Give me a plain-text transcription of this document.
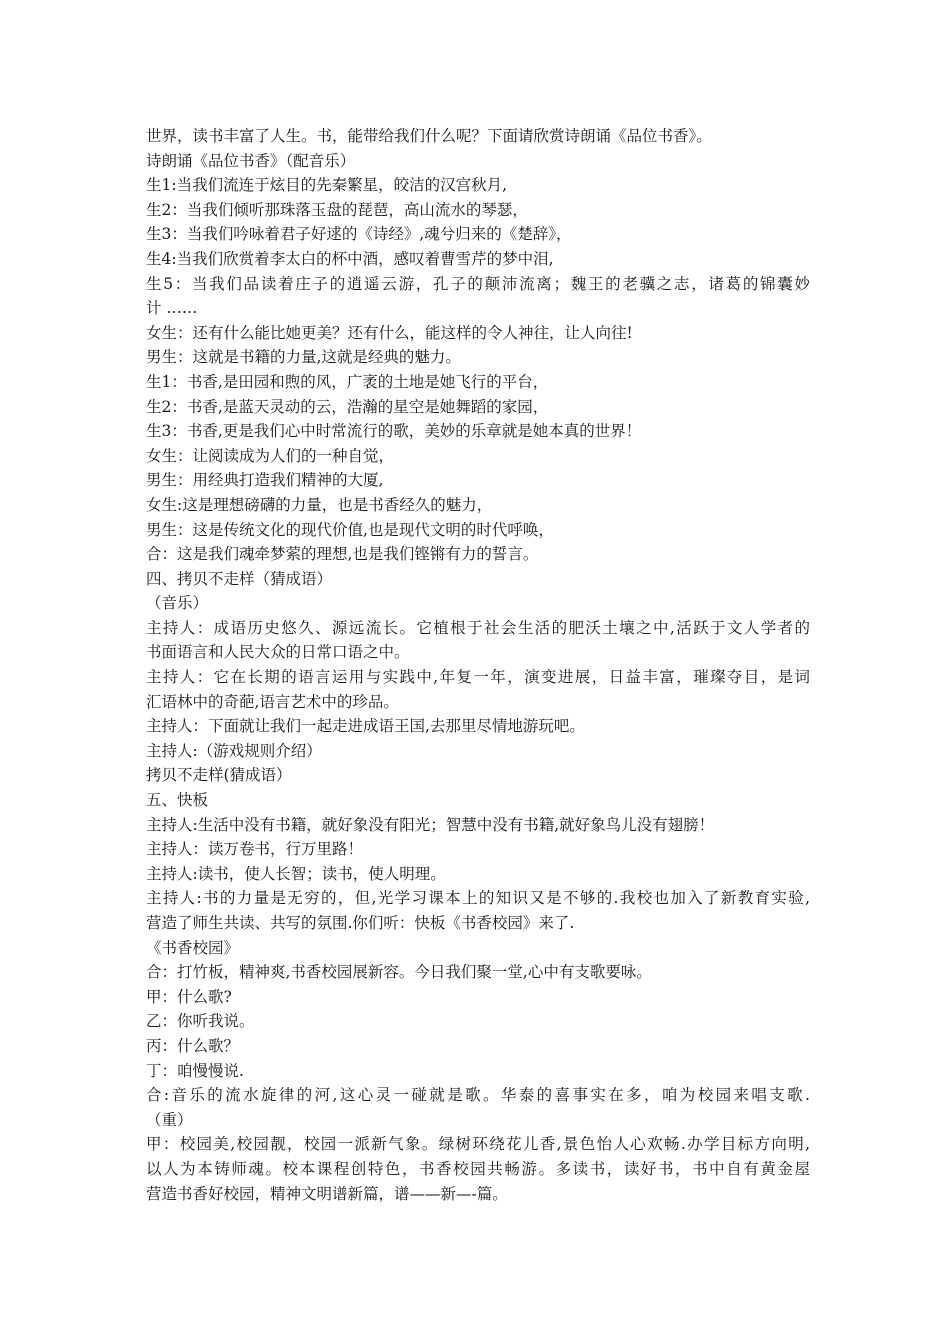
世界，读书丰富了人生。书，能带给我们什么呢？下面请欣赏诗朗诵《品位书香》。
诗朗诵《品位书香》（配音乐）
生1:当我们流连于炫目的先秦繁星，皎洁的汉宫秋月,
生2：当我们倾听那珠落玉盘的琵琶，高山流水的琴瑟，
生3：当我们吟咏着君子好逑的《诗经》,魂兮归来的《楚辞》，
生4:当我们欣赏着李太白的杯中酒，感叹着曹雪芹的梦中泪,
生5：当我们品读着庄子的逍遥云游，孔子的颠沛流离；魏王的老骥之志，诸葛的锦囊妙
计 ……
女生：还有什么能比她更美？还有什么，能这样的令人神往，让人向往!
男生：这就是书籍的力量,这就是经典的魅力。
生1：书香,是田园和煦的风，广袤的土地是她飞行的平台，
生2：书香,是蓝天灵动的云，浩瀚的星空是她舞蹈的家园，
生3：书香,更是我们心中时常流行的歌，美妙的乐章就是她本真的世界！
女生：让阅读成为人们的一种自觉，
男生：用经典打造我们精神的大厦,
女生:这是理想磅礴的力量，也是书香经久的魅力，
男生：这是传统文化的现代价值,也是现代文明的时代呼唤，
合：这是我们魂牵梦萦的理想,也是我们铿锵有力的誓言。
四、拷贝不走样（猜成语）
（音乐）
主持人：成语历史悠久、源远流长。它植根于社会生活的肥沃土壤之中,活跃于文人学者的
书面语言和人民大众的日常口语之中。
主持人：它在长期的语言运用与实践中,年复一年，演变进展，日益丰富，璀璨夺目，是词
汇语林中的奇葩,语言艺术中的珍品。
主持人：下面就让我们一起走进成语王国,去那里尽情地游玩吧。
主持人:（游戏规则介绍）
拷贝不走样(猜成语）
五、快板
主持人:生活中没有书籍，就好象没有阳光；智慧中没有书籍,就好象鸟儿没有翅膀！
主持人：读万卷书，行万里路！
主持人:读书，使人长智；读书，使人明理。
主持人:书的力量是无穷的，但,光学习课本上的知识又是不够的.我校也加入了新教育实验,
营造了师生共读、共写的氛围.你们听：快板《书香校园》来了.
《书香校园》
合：打竹板，精神爽,书香校园展新容。今日我们聚一堂,心中有支歌要咏。
甲：什么歌?
乙：你听我说。
丙：什么歌？
丁：咱慢慢说.
合:音乐的流水旋律的河,这心灵一碰就是歌。华泰的喜事实在多，咱为校园来唱支歌.
（重）
甲：校园美,校园靓，校园一派新气象。绿树环绕花儿香,景色怡人心欢畅.办学目标方向明,
以人为本铸师魂。校本课程创特色，书香校园共畅游。多读书，读好书，书中自有黄金屋
营造书香好校园，精神文明谱新篇，谱——新—-篇。
